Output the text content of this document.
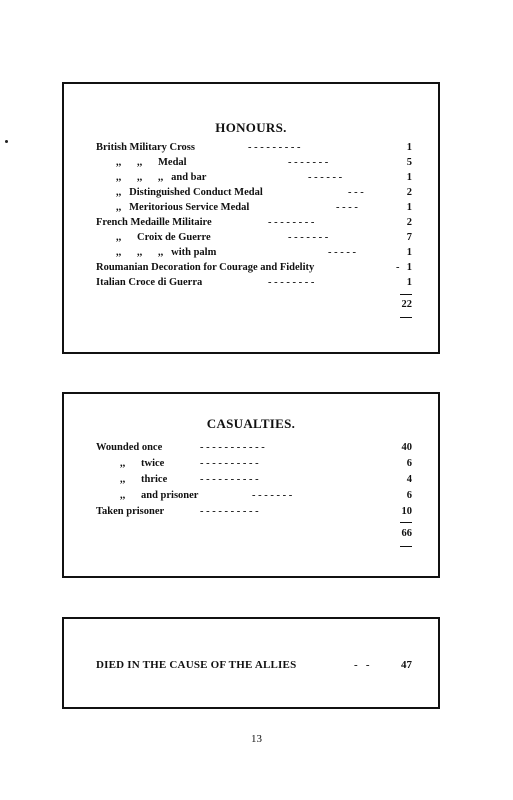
HONOURS.
British Military Cross	- - - - - - - - -	1
,,      ,,      Medal	- - - - - - -	5
,,      ,,      ,,   and bar	- - - - - -	1
,,   Distinguished Conduct Medal	- - -	2
,,   Meritorious Service Medal	- - - -	1
French Medaille Militaire	- - - - - - - -	2
,,      Croix de Guerre	- - - - - - -	7
,,      ,,      ,,   with palm	- - - - -	1
Roumanian Decoration for Courage and Fidelity	- 1
Italian Croce di Guerra	- - - - - - - -	1
22
CASUALTIES.
Wounded once	- - - - - - - - - - -	40
,,      twice	- - - - - - - - - -	6
,,      thrice	- - - - - - - - - -	4
,,      and prisoner	- - - - - - -	6
Taken prisoner	- - - - - - - - - -	10
66
DIED IN THE CAUSE OF THE ALLIES	-   -	47
13
